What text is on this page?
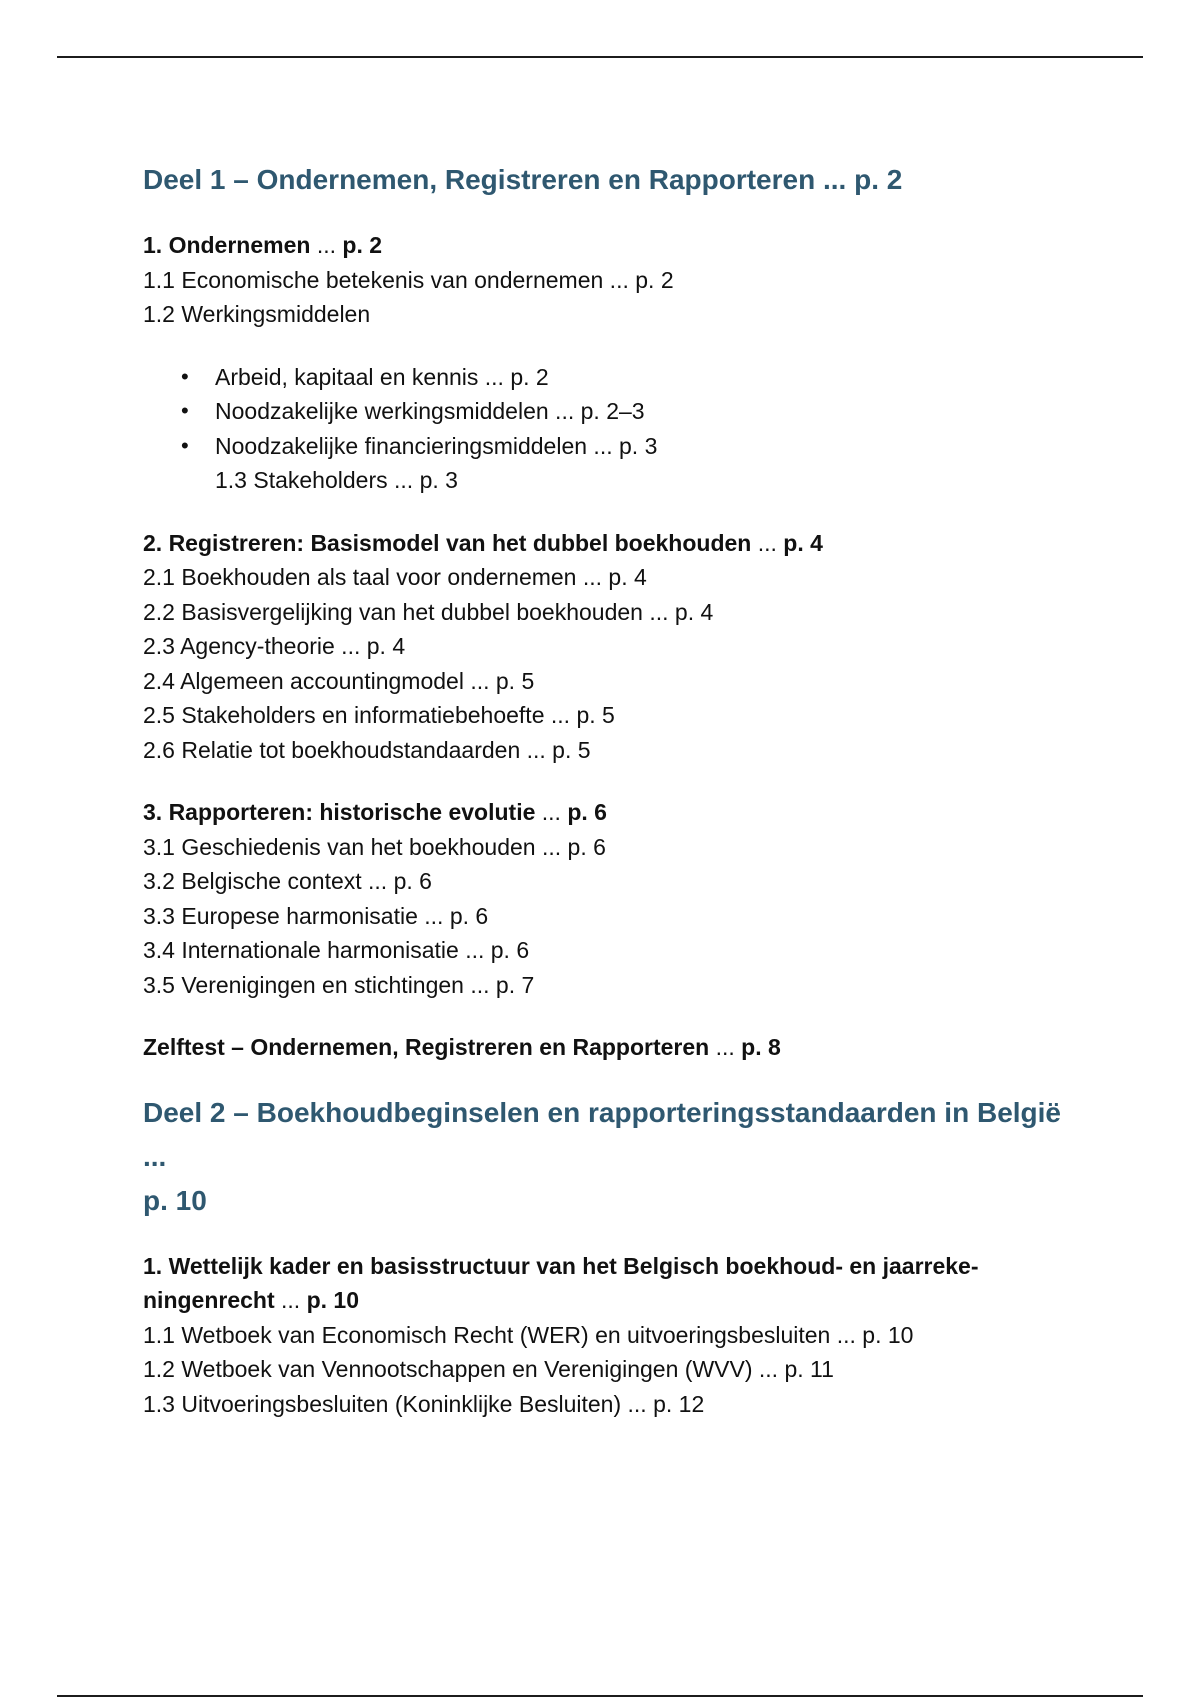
Deel 1 – Ondernemen, Registreren en Rapporteren ... p. 2

1. Ondernemen ... p. 2

1.1 Economische betekenis van ondernemen ... p. 2

1.2 Werkingsmiddelen

• Arbeid, kapitaal en kennis ... p. 2
• Noodzakelijke werkingsmiddelen ... p. 2–3
• Noodzakelijke financieringsmiddelen ... p. 3

1.3 Stakeholders ... p. 3

2. Registreren: Basismodel van het dubbel boekhouden ... p. 4

2.1 Boekhouden als taal voor ondernemen ... p. 4

2.2 Basisvergelijking van het dubbel boekhouden ... p. 4

2.3 Agency-theorie ... p. 4

2.4 Algemeen accountingmodel ... p. 5

2.5 Stakeholders en informatiebehoefte ... p. 5

2.6 Relatie tot boekhoudstandaarden ... p. 5

3. Rapporteren: historische evolutie ... p. 6

3.1 Geschiedenis van het boekhouden ... p. 6

3.2 Belgische context ... p. 6

3.3 Europese harmonisatie ... p. 6

3.4 Internationale harmonisatie ... p. 6

3.5 Verenigingen en stichtingen ... p. 7

Zelftest – Ondernemen, Registreren en Rapporteren ... p. 8

Deel 2 – Boekhoudbeginselen en rapporteringsstandaarden in België ...
p. 10

1. Wettelijk kader en basisstructuur van het Belgisch boekhoud- en jaarreke-
ningenrecht ... p. 10

1.1 Wetboek van Economisch Recht (WER) en uitvoeringsbesluiten ... p. 10

1.2 Wetboek van Vennootschappen en Verenigingen (WVV) ... p. 11

1.3 Uitvoeringsbesluiten (Koninklijke Besluiten) ... p. 12
